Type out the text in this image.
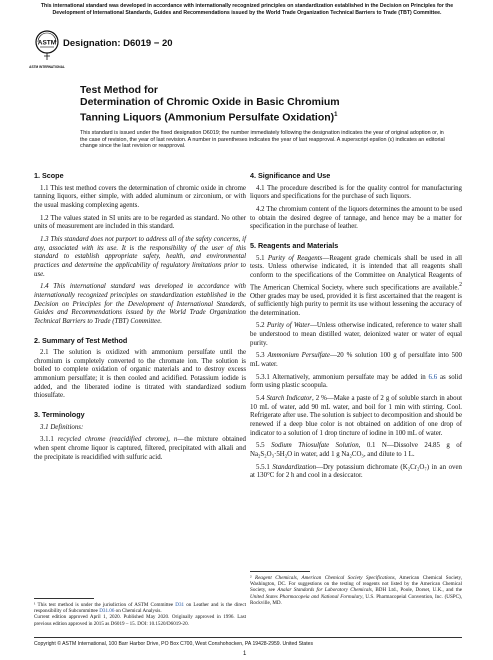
This international standard was developed in accordance with internationally recognized principles on standardization established in the Decision on Principles for the Development of International Standards, Guides and Recommendations issued by the World Trade Organization Technical Barriers to Trade (TBT) Committee.
ASTM
ASTM INTERNATIONAL
Designation: D6019 − 20
Test Method for
Determination of Chromic Oxide in Basic Chromium
Tanning Liquors (Ammonium Persulfate Oxidation)$^1$
This standard is issued under the fixed designation D6019; the number immediately following the designation indicates the year of original adoption or, in the case of revision, the year of last revision. A number in parentheses indicates the year of last reapproval. A superscript epsilon (ε) indicates an editorial change since the last revision or reapproval.
1. Scope

1.1 This test method covers the determination of chromic oxide in chrome tanning liquors, either simple, with added aluminum or zirconium, or with the usual masking complexing agents.

1.2 The values stated in SI units are to be regarded as standard. No other units of measurement are included in this standard.

1.3 This standard does not purport to address all of the safety concerns, if any, associated with its use. It is the responsibility of the user of this standard to establish appropriate safety, health, and environmental practices and determine the applicability of regulatory limitations prior to use.

1.4 This international standard was developed in accordance with internationally recognized principles on standardization established in the Decision on Principles for the Development of International Standards, Guides and Recommendations issued by the World Trade Organization Technical Barriers to Trade (TBT) Committee.

2. Summary of Test Method

2.1 The solution is oxidized with ammonium persulfate until the chromium is completely converted to the chromate ion. The solution is boiled to complete oxidation of organic materials and to destroy excess ammonium persulfate; it is then cooled and acidified. Potassium iodide is added, and the liberated iodine is titrated with standardized sodium thiosulfate.

3. Terminology

3.1 Definitions:

3.1.1 recycled chrome (reacidified chrome), n—the mixture obtained when spent chrome liquor is captured, filtered, precipitated with alkali and the precipitate is reacidified with sulfuric acid.

4. Significance and Use

4.1 The procedure described is for the quality control for manufacturing liquors and specifications for the purchase of such liquors.

4.2 The chromium content of the liquors determines the amount to be used to obtain the desired degree of tannage, and hence may be a matter for specification in the purchase of leather.

5. Reagents and Materials

5.1 Purity of Reagents—Reagent grade chemicals shall be used in all tests. Unless otherwise indicated, it is intended that all reagents shall conform to the specifications of the Committee on Analytical Reagents of The American Chemical Society, where such specifications are available.$^2$ Other grades may be used, provided it is first ascertained that the reagent is of sufficiently high purity to permit its use without lessening the accuracy of the determination.

5.2 Purity of Water—Unless otherwise indicated, reference to water shall be understood to mean distilled water, deionized water or water of equal purity.

5.3 Ammonium Persulfate—20 % solution 100 g of persulfate into 500 mL water.

5.3.1 Alternatively, ammonium persulfate may be added in 6.6 as solid form using plastic scoopula.

5.4 Starch Indicator, 2 %—Make a paste of 2 g of soluble starch in about 10 mL of water, add 90 mL water, and boil for 1 min with stirring. Cool. Refrigerate after use. The solution is subject to decomposition and should be renewed if a deep blue color is not obtained on addition of one drop of indicator to a solution of 1 drop tincture of iodine in 100 mL of water.

5.5 Sodium Thiosulfate Solution, 0.1 N—Dissolve 24.85 g of Na₂S₂O₃·5H₂O in water, add 1 g Na₂CO₃, and dilute to 1 L.

5.5.1 Standardization—Dry potassium dichromate (K₂Cr₂O₇) in an oven at 130°C for 2 h and cool in a desiccator.

¹ This test method is under the jurisdiction of ASTM Committee D31 on Leather and is the direct responsibility of Subcommittee D31.06 on Chemical Analysis.
Current edition approved April 1, 2020. Published May 2020. Originally approved in 1996. Last previous edition approved in 2015 as D6019 – 15. DOI: 10.1520/D6019-20.
² Reagent Chemicals, American Chemical Society Specifications, American Chemical Society, Washington, DC. For suggestions on the testing of reagents not listed by the American Chemical Society, see Analar Standards for Laboratory Chemicals, BDH Ltd., Poole, Dorset, U.K., and the United States Pharmacopeia and National Formulary, U.S. Pharmacopeial Convention, Inc. (USPC), Rockville, MD.
Copyright © ASTM International, 100 Barr Harbor Drive, PO Box C700, West Conshohocken, PA 19428-2959. United States
1
